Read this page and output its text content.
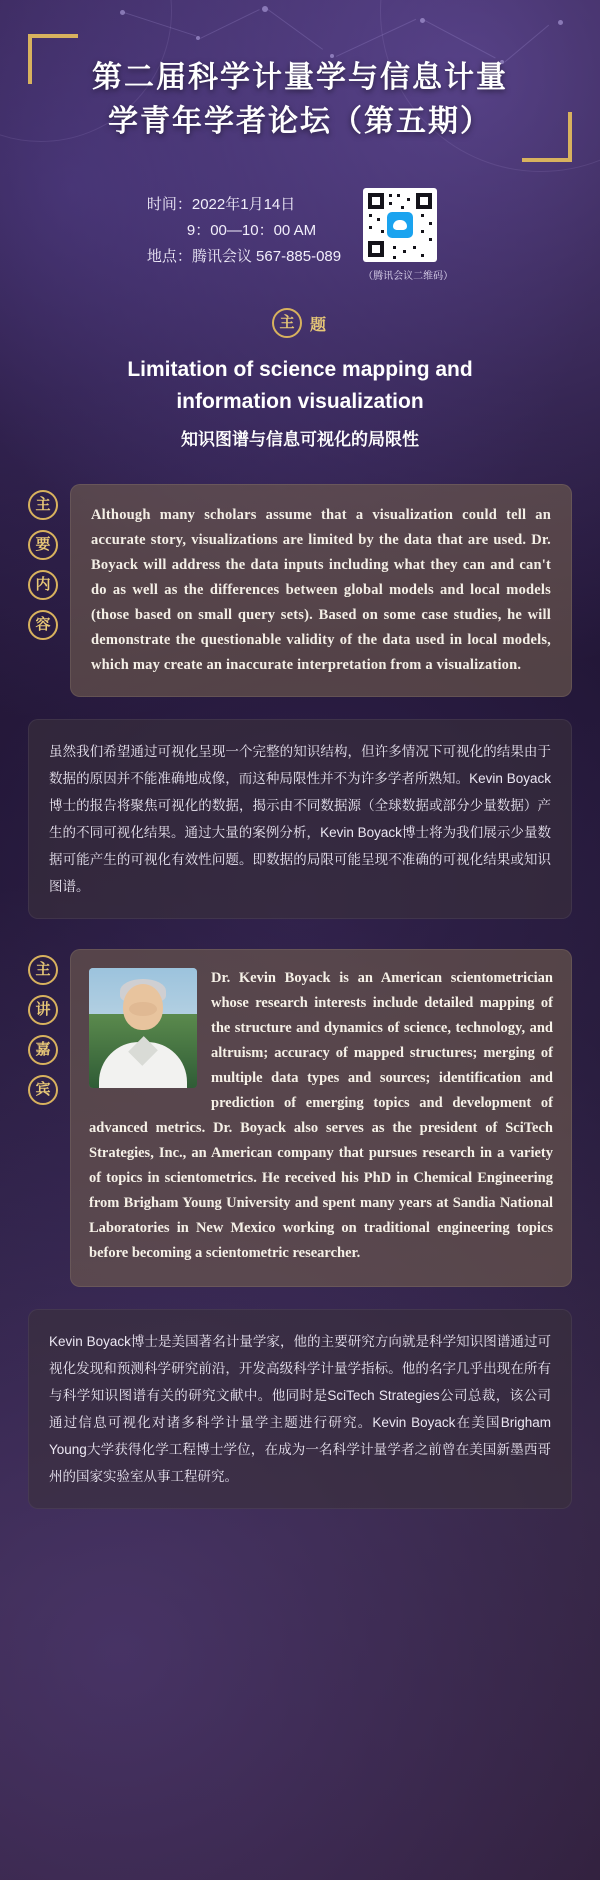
第二届科学计量学与信息计量
学青年学者论坛（第五期）
时间：2022年1月14日
9：00—10：00 AM
地点：腾讯会议 567-885-089
（腾讯会议二维码）
主 题
Limitation of science mapping and
information visualization
知识图谱与信息可视化的局限性
主
要
内
容

Although many scholars assume that a visualization could tell an accurate story, visualizations are limited by the data that are used. Dr. Boyack will address the data inputs including what they can and can't do as well as the differences between global models and local models (those based on small query sets). Based on some case studies, he will demonstrate the questionable validity of the data used in local models, which may create an inaccurate interpretation from a visualization.

虽然我们希望通过可视化呈现一个完整的知识结构，但许多情况下可视化的结果由于数据的原因并不能准确地成像，而这种局限性并不为许多学者所熟知。Kevin Boyack博士的报告将聚焦可视化的数据，揭示由不同数据源（全球数据或部分少量数据）产生的不同可视化结果。通过大量的案例分析，Kevin Boyack博士将为我们展示少量数据可能产生的可视化有效性问题。即数据的局限可能呈现不准确的可视化结果或知识图谱。

主
讲
嘉
宾

Dr. Kevin Boyack is an American scientometrician whose research interests include detailed mapping of the structure and dynamics of science, technology, and altruism; accuracy of mapped structures; merging of multiple data types and sources; identification and prediction of emerging topics and development of advanced metrics. Dr. Boyack also serves as the president of SciTech Strategies, Inc., an American company that pursues research in a variety of topics in scientometrics. He received his PhD in Chemical Engineering from Brigham Young University and spent many years at Sandia National Laboratories in New Mexico working on traditional engineering topics before becoming a scientometric researcher.

Kevin Boyack博士是美国著名计量学家，他的主要研究方向就是科学知识图谱通过可视化发现和预测科学研究前沿，开发高级科学计量学指标。他的名字几乎出现在所有与科学知识图谱有关的研究文献中。他同时是SciTech Strategies公司总裁，该公司通过信息可视化对诸多科学计量学主题进行研究。Kevin Boyack在美国Brigham Young大学获得化学工程博士学位，在成为一名科学计量学者之前曾在美国新墨西哥州的国家实验室从事工程研究。
